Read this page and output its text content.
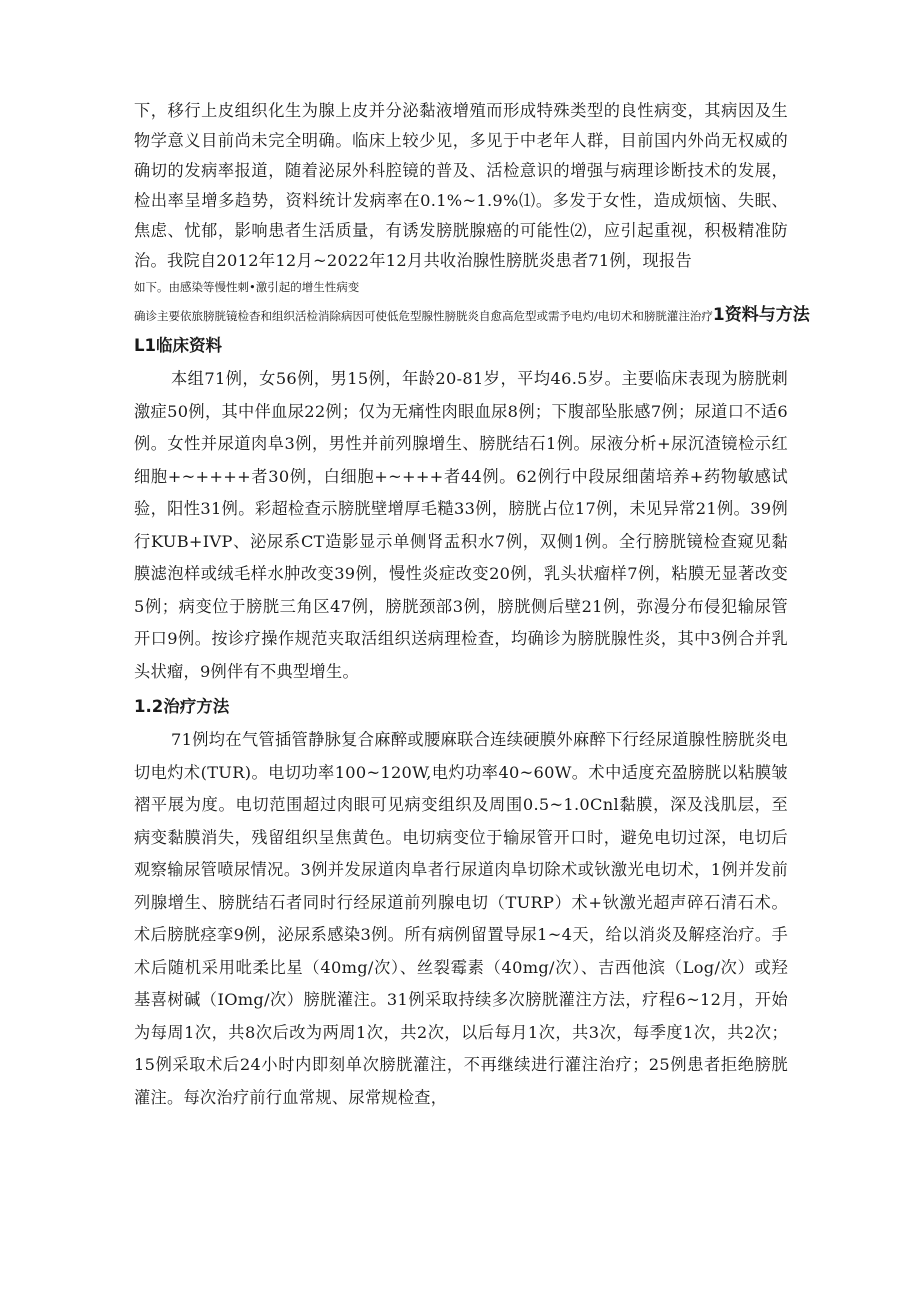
下，移行上皮组织化生为腺上皮并分泌黏液增殖而形成特殊类型的良性病变，其病因及生物学意义目前尚未完全明确。临床上较少见，多见于中老年人群，目前国内外尚无权威的确切的发病率报道，随着泌尿外科腔镜的普及、活检意识的增强与病理诊断技术的发展，检出率呈增多趋势，资料统计发病率在0.1%~1.9%⑴。多发于女性，造成烦恼、失眠、焦虑、忧郁，影响患者生活质量，有诱发膀胱腺癌的可能性⑵，应引起重视，积极精准防治。我院自2012年12月~2022年12月共收治腺性膀胱炎患者71例，现报告

如下。由感染等慢性刺•激引起的增生性病变

确诊主要依旅膀胱镜检杳和组织活检消除病因可使低危型腺性膀胱炎自愈高危型或需予电灼/电切术和膀胱灌注治疗 1资料与方法
L1临床资料

本组71例，女56例，男15例，年龄20-81岁，平均46.5岁。主要临床表现为膀胱刺激症50例，其中伴血尿22例；仅为无痛性肉眼血尿8例；下腹部坠胀感7例；尿道口不适6例。女性并尿道肉阜3例，男性并前列腺增生、膀胱结石1例。尿液分析+尿沉渣镜检示红细胞+~++++者30例，白细胞+~+++者44例。62例行中段尿细菌培养+药物敏感试验，阳性31例。彩超检查示膀胱壁增厚毛糙33例，膀胱占位17例，未见异常21例。39例行KUB+IVP、泌尿系CT造影显示单侧肾盂积水7例，双侧1例。全行膀胱镜检查窥见黏膜滤泡样或绒毛样水肿改变39例，慢性炎症改变20例，乳头状瘤样7例，粘膜无显著改变5例；病变位于膀胱三角区47例，膀胱颈部3例，膀胱侧后壁21例，弥漫分布侵犯输尿管开口9例。按诊疗操作规范夹取活组织送病理检查，均确诊为膀胱腺性炎，其中3例合并乳头状瘤，9例伴有不典型增生。

1.2治疗方法

71例均在气管插管静脉复合麻醉或腰麻联合连续硬膜外麻醉下行经尿道腺性膀胱炎电切电灼术(TUR)。电切功率100~120W,电灼功率40~60W。术中适度充盈膀胱以粘膜皱褶平展为度。电切范围超过肉眼可见病变组织及周围0.5~1.0Cnl黏膜，深及浅肌层，至病变黏膜消失，残留组织呈焦黄色。电切病变位于输尿管开口时，避免电切过深，电切后观察输尿管喷尿情况。3例并发尿道肉阜者行尿道肉阜切除术或钬激光电切术，1例并发前列腺增生、膀胱结石者同时行经尿道前列腺电切（TURP）术+钬激光超声碎石清石术。术后膀胱痉挛9例，泌尿系感染3例。所有病例留置导尿1~4天，给以消炎及解痉治疗。手术后随机采用吡柔比星（40mg/次）、丝裂霉素（40mg/次）、吉西他滨（Log/次）或羟基喜树碱（IOmg/次）膀胱灌注。31例采取持续多次膀胱灌注方法，疗程6~12月，开始为每周1次，共8次后改为两周1次，共2次，以后每月1次，共3次，每季度1次，共2次；15例采取术后24小时内即刻单次膀胱灌注，不再继续进行灌注治疗；25例患者拒绝膀胱灌注。每次治疗前行血常规、尿常规检查，
